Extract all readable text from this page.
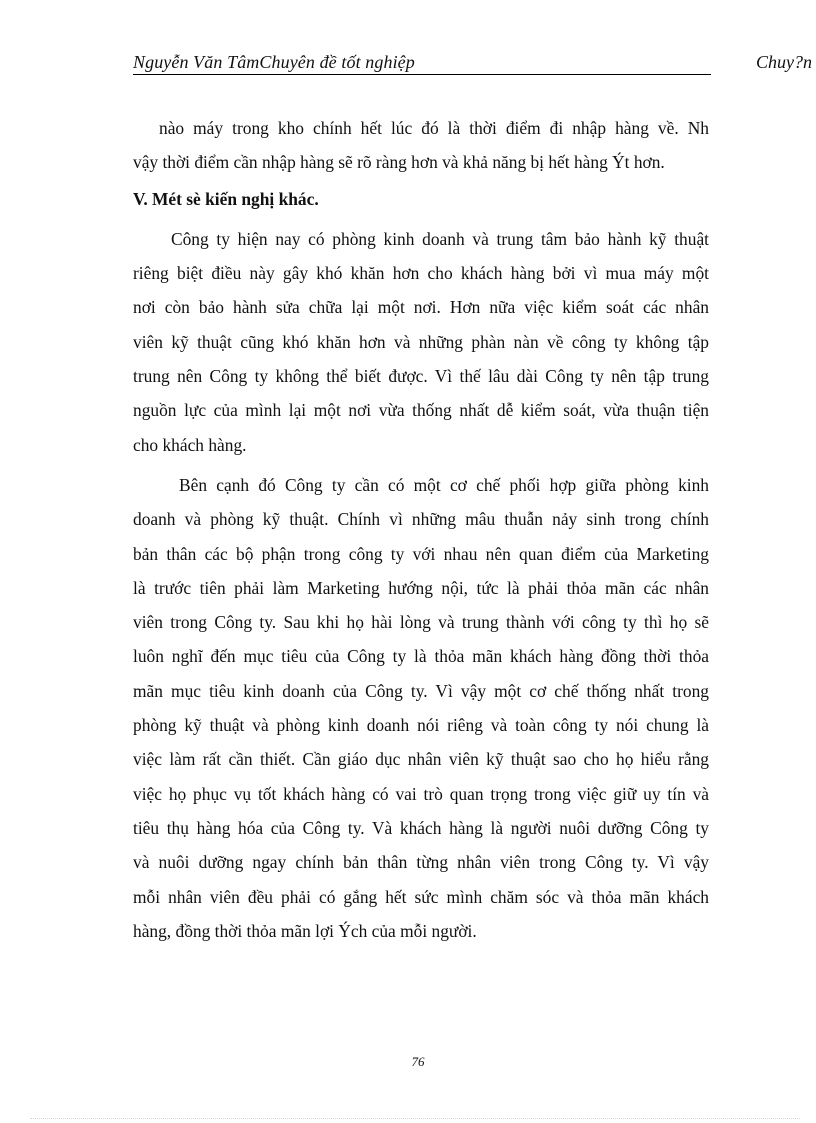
Nguyễn Văn TâmChuyên đề tốt nghiệp	Chuy?n
nào máy trong kho chính hết lúc đó là thời điểm đi nhập hàng về. Nh
vậy thời điểm cần nhập hàng sẽ rõ ràng hơn và khả năng bị hết hàng Ýt hơn.
V. Mét sè kiến nghị khác.
Công ty hiện nay có phòng kinh doanh và trung tâm bảo hành kỹ thuật
riêng biệt điều này gây khó khăn hơn cho khách hàng bởi vì mua máy một
nơi còn bảo hành sửa chữa lại một nơi. Hơn nữa việc kiểm soát các nhân
viên kỹ thuật cũng khó khăn hơn và những phàn nàn về công ty không tập
trung nên Công ty không thể biết được. Vì thế lâu dài Công ty nên tập trung
nguồn lực của mình lại một nơi vừa thống nhất dễ kiểm soát, vừa thuận tiện
cho khách hàng.
Bên cạnh đó Công ty cần có một cơ chế phối hợp giữa phòng kinh
doanh và phòng kỹ thuật. Chính vì những mâu thuẫn nảy sinh trong chính
bản thân các bộ phận trong công ty với nhau nên quan điểm của Marketing
là trước tiên phải làm Marketing hướng nội, tức là phải thỏa mãn các nhân
viên trong Công ty. Sau khi họ hài lòng và trung thành với công ty thì họ sẽ
luôn nghĩ đến mục tiêu của Công ty là thỏa mãn khách hàng đồng thời thỏa
mãn mục tiêu kinh doanh của Công ty. Vì vậy một cơ chế thống nhất trong
phòng kỹ thuật và phòng kinh doanh nói riêng và toàn công ty nói chung là
việc làm rất cần thiết. Cần giáo dục nhân viên kỹ thuật sao cho họ hiểu rằng
việc họ phục vụ tốt khách hàng có vai trò quan trọng trong việc giữ uy tín và
tiêu thụ hàng hóa của Công ty. Và khách hàng là người nuôi dưỡng Công ty
và nuôi dưỡng ngay chính bản thân từng nhân viên trong Công ty. Vì vậy
mỗi nhân viên đều phải có gắng hết sức mình chăm sóc và thỏa mãn khách
hàng, đồng thời thỏa mãn lợi Ých của mỗi người.
76
